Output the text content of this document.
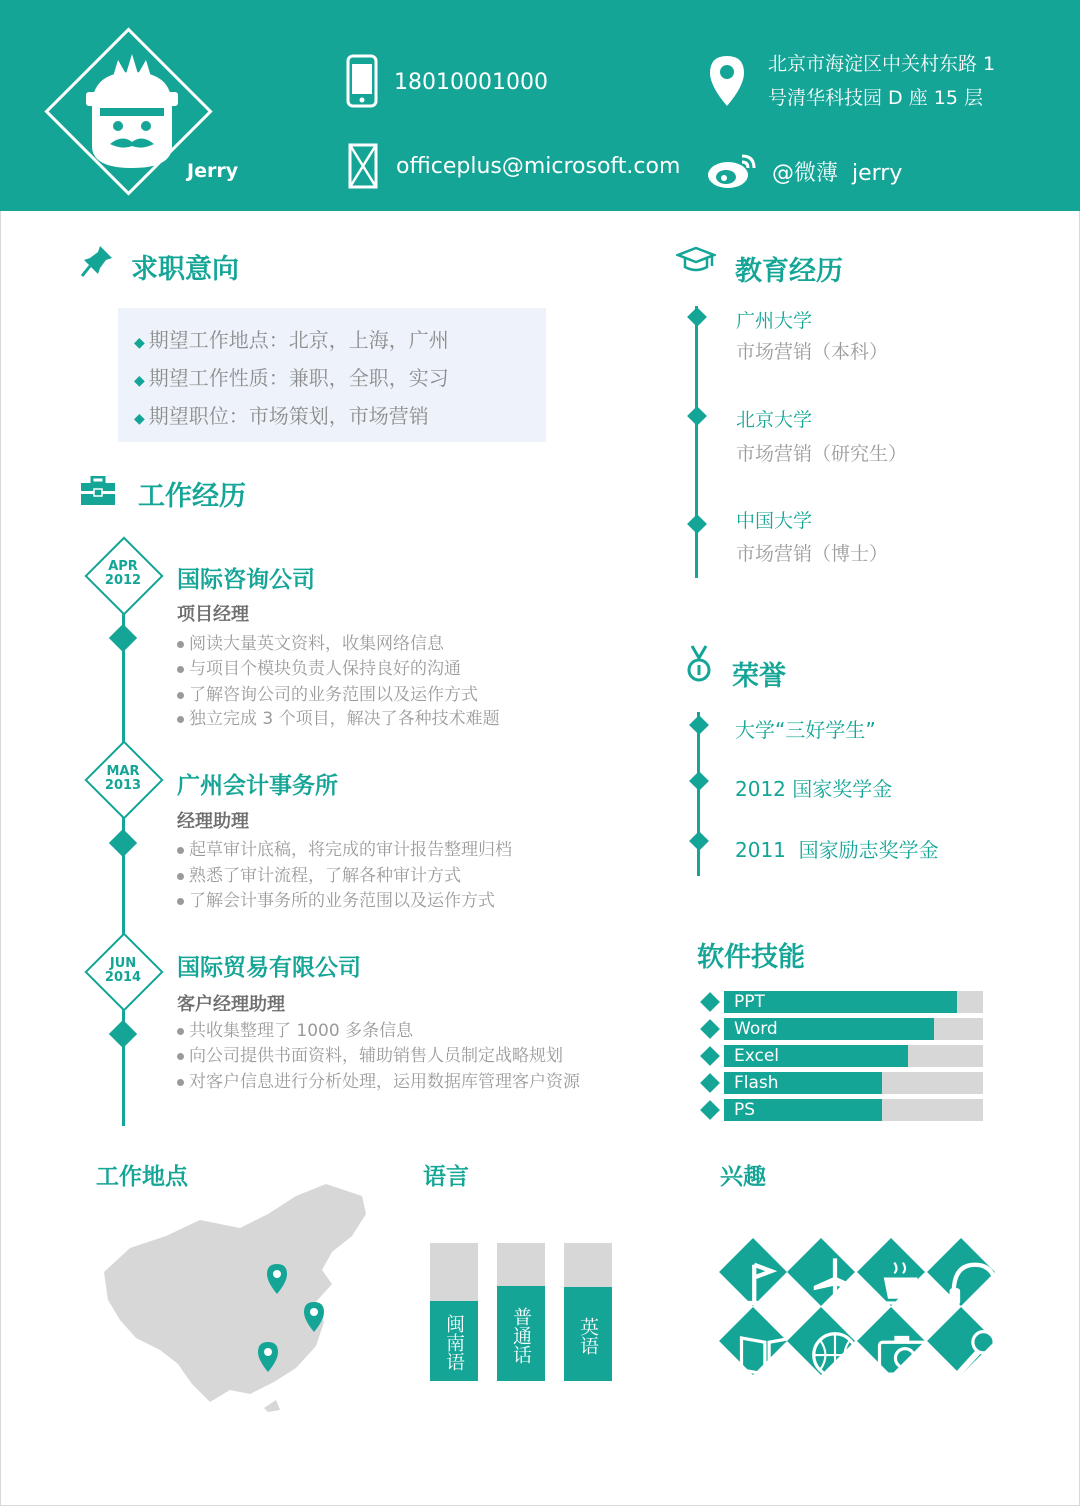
Jerry
18010001000
officeplus@microsoft.com
北京市海淀区中关村东路 1
号清华科技园 D 座 15 层
@微薄  jerry
求职意向
◆ 期望工作地点：北京，上海，广州
◆ 期望工作性质：兼职，全职，实习
◆ 期望职位：市场策划，市场营销
工作经历
APR
2012	国际咨询公司
项目经理
阅读大量英文资料，收集网络信息
与项目个模块负责人保持良好的沟通
了解咨询公司的业务范围以及运作方式
独立完成 3 个项目，解决了各种技术难题
MAR
2013	广州会计事务所
经理助理
起草审计底稿，将完成的审计报告整理归档
熟悉了审计流程，了解各种审计方式
了解会计事务所的业务范围以及运作方式
JUN
2014	国际贸易有限公司
客户经理助理
共收集整理了 1000 多条信息
向公司提供书面资料，辅助销售人员制定战略规划
对客户信息进行分析处理，运用数据库管理客户资源
教育经历
广州大学
市场营销（本科）
北京大学
市场营销（研究生）
中国大学
市场营销（博士）
荣誉
大学“三好学生”
2012 国家奖学金
2011  国家励志奖学金
软件技能
PPT
Word
Excel
Flash
PS
工作地点	语言
闽南语	普通话	英语
兴趣
